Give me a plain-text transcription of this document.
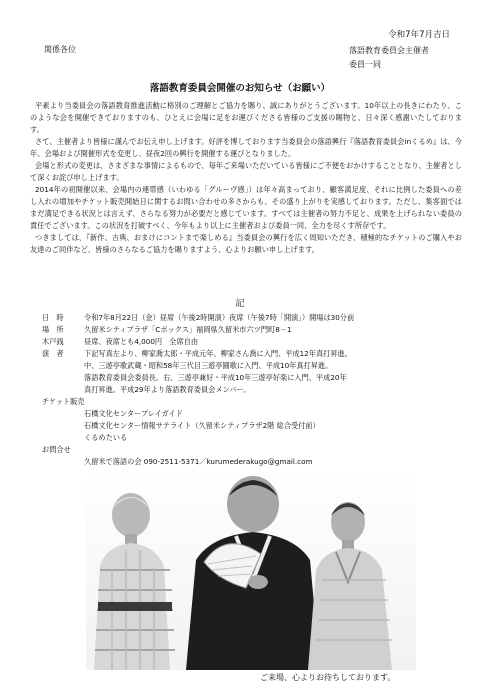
令和7年7月吉日
関係各位	落語教育委員会主催者
委員一同
落語教育委員会開催のお知らせ（お願い）

平素より当委員会の落語教育推進活動に格別のご理解とご協力を賜り、誠にありがとうございます。10年以上の長きにわたり、このような会を開催できておりますのも、ひとえに会場に足をお運びくださる皆様のご支援の賜物と、日々深く感謝いたしております。

さて、主催者より皆様に謹んでお伝え申し上げます。好評を博しております当委員会の落語興行『落語教育委員会inくるめ』は、今年、会場および開催形式を変更し、昼夜2回の興行を開催する運びとなりました。

会場と形式の変更は、さまざまな事情によるもので、毎年ご来場いただいている皆様にご不便をおかけすることとなり、主催者として深くお詫び申し上げます。

2014年の初開催以来、会場内の連帯感（いわゆる「グルーヴ感」）は年々高まっており、顧客満足度、それに比例した委員への差し入れの増加やチケット販売開始日に関するお問い合わせの多さからも、その盛り上がりを実感しております。ただし、集客面ではまだ満足できる状況とは言えず、さらなる努力が必要だと感じています。すべては主催者の努力不足と、成果を上げられない委員の責任でございます。この状況を打破すべく、今年もより以上に主催者および委員一同、全力を尽くす所存です。

つきましては、『新作、古典、おまけにコントまで楽しめる』当委員会の興行を広く周知いただき、積極的なチケットのご購入やお友達のご同伴など、皆様のさらなるご協力を賜りますよう、心よりお願い申し上げます。

記
日　時	令和7年8月22日（金）昼席（午後2時開演）夜席（午後7時「開演」）開場は30分前
場　所	久留米シティプラザ「Cボックス」福岡県久留米市六ツ門町8－1
木戸銭	昼席、夜席とも4,000円　全席自由
演　者	下記写真左より、柳家喬太郎・平成元年、柳家さん喬に入門、平成12年真打昇進。
中、三遊亭歌武蔵・昭和58年三代目三遊亭圓歌に入門、平成10年真打昇進。
落語教育委員会委員長。右、三遊亭兼好・平成10年三遊亭好楽に入門、平成20年
真打昇進。平成29年より落語教育委員会メンバー。
チケット販売
石橋文化センタープレイガイド
石橋文化センター情報サテライト（久留米シティプラザ2階 総合受付前）
くるめたいる
お問合せ
久留米で落語の会 090-2511-5371／kurumederakugo@gmail.com
ご来場、心よりお待ちしております。
